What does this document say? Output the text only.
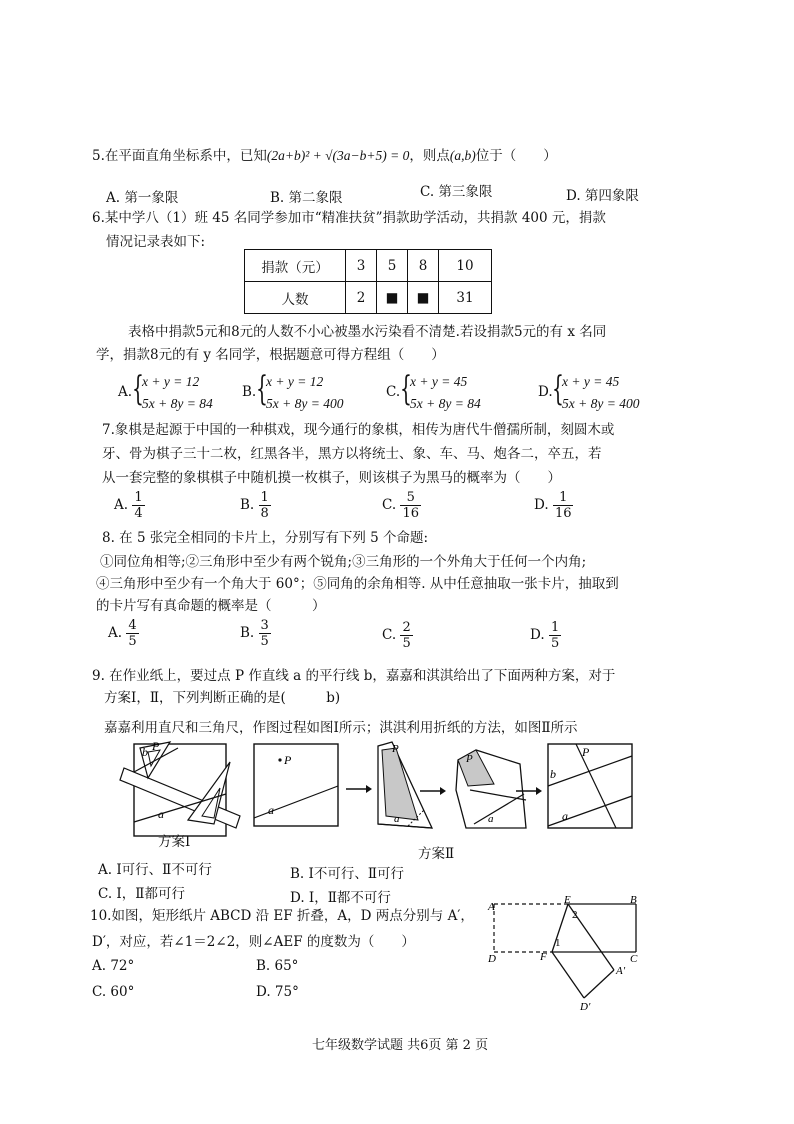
5.在平面直角坐标系中，已知(2a+b)² + √(3a−b+5) = 0，则点(a,b)位于（　　）
A. 第一象限	B. 第二象限	C. 第三象限	D. 第四象限
6.某中学八（1）班 45 名同学参加市“精准扶贫”捐款助学活动，共捐款 400 元，捐款
情况记录表如下:
捐款（元）	3	5	8	10
人数	2	■	■	31
表格中捐款5元和8元的人数不小心被墨水污染看不清楚.若设捐款5元的有 x 名同
学，捐款8元的有 y 名同学，根据题意可得方程组（　　）
A. {
x + y = 12
5x + 8y = 84
B. {
x + y = 12
5x + 8y = 400
C. {
x + y = 45
5x + 8y = 84
D. {
x + y = 45
5x + 8y = 400
7.象棋是起源于中国的一种棋戏，现今通行的象棋，相传为唐代牛僧孺所制，刻圆木或
牙、骨为棋子三十二枚，红黑各半，黑方以将统士、象、车、马、炮各二，卒五，若
从一套完整的象棋棋子中随机摸一枚棋子，则该棋子为黑马的概率为（　　）
A. $\frac{1}{4}$	B. $\frac{1}{8}$	C. $\frac{5}{16}$	D. $\frac{1}{16}$
8. 在 5 张完全相同的卡片上，分别写有下列 5 个命题:
①同位角相等;②三角形中至少有两个锐角;③三角形的一个外角大于任何一个内角;
④三角形中至少有一个角大于 60°；⑤同角的余角相等. 从中任意抽取一张卡片，抽取到
的卡片写有真命题的概率是（　　　）
A. $\frac{4}{5}$	B. $\frac{3}{5}$	C. $\frac{2}{5}$	D. $\frac{1}{5}$
9. 在作业纸上，要过点 P 作直线 a 的平行线 b，嘉嘉和淇淇给出了下面两种方案，对于
方案Ⅰ，Ⅱ，下列判断正确的是(　　　b)
嘉嘉利用直尺和三角尺，作图过程如图Ⅰ所示；淇淇利用折纸的方法，如图Ⅱ所示
a
b P
方案Ⅰ
P
a
P
a
P
a
b
P
a
方案Ⅱ
A. Ⅰ可行、Ⅱ不可行	B. Ⅰ不可行、Ⅱ可行
C. Ⅰ，Ⅱ都可行	D. Ⅰ，Ⅱ都不可行
10.如图，矩形纸片 ABCD 沿 EF 折叠，A，D 两点分别与 A′，
D′，对应，若∠1＝2∠2，则∠AEF 的度数为（　　）
A. 72°	B. 65°
C. 60°	D. 75°
A
E
2
B
D	F
1
C
A′
D′
七年级数学试题 共6页 第 2 页
